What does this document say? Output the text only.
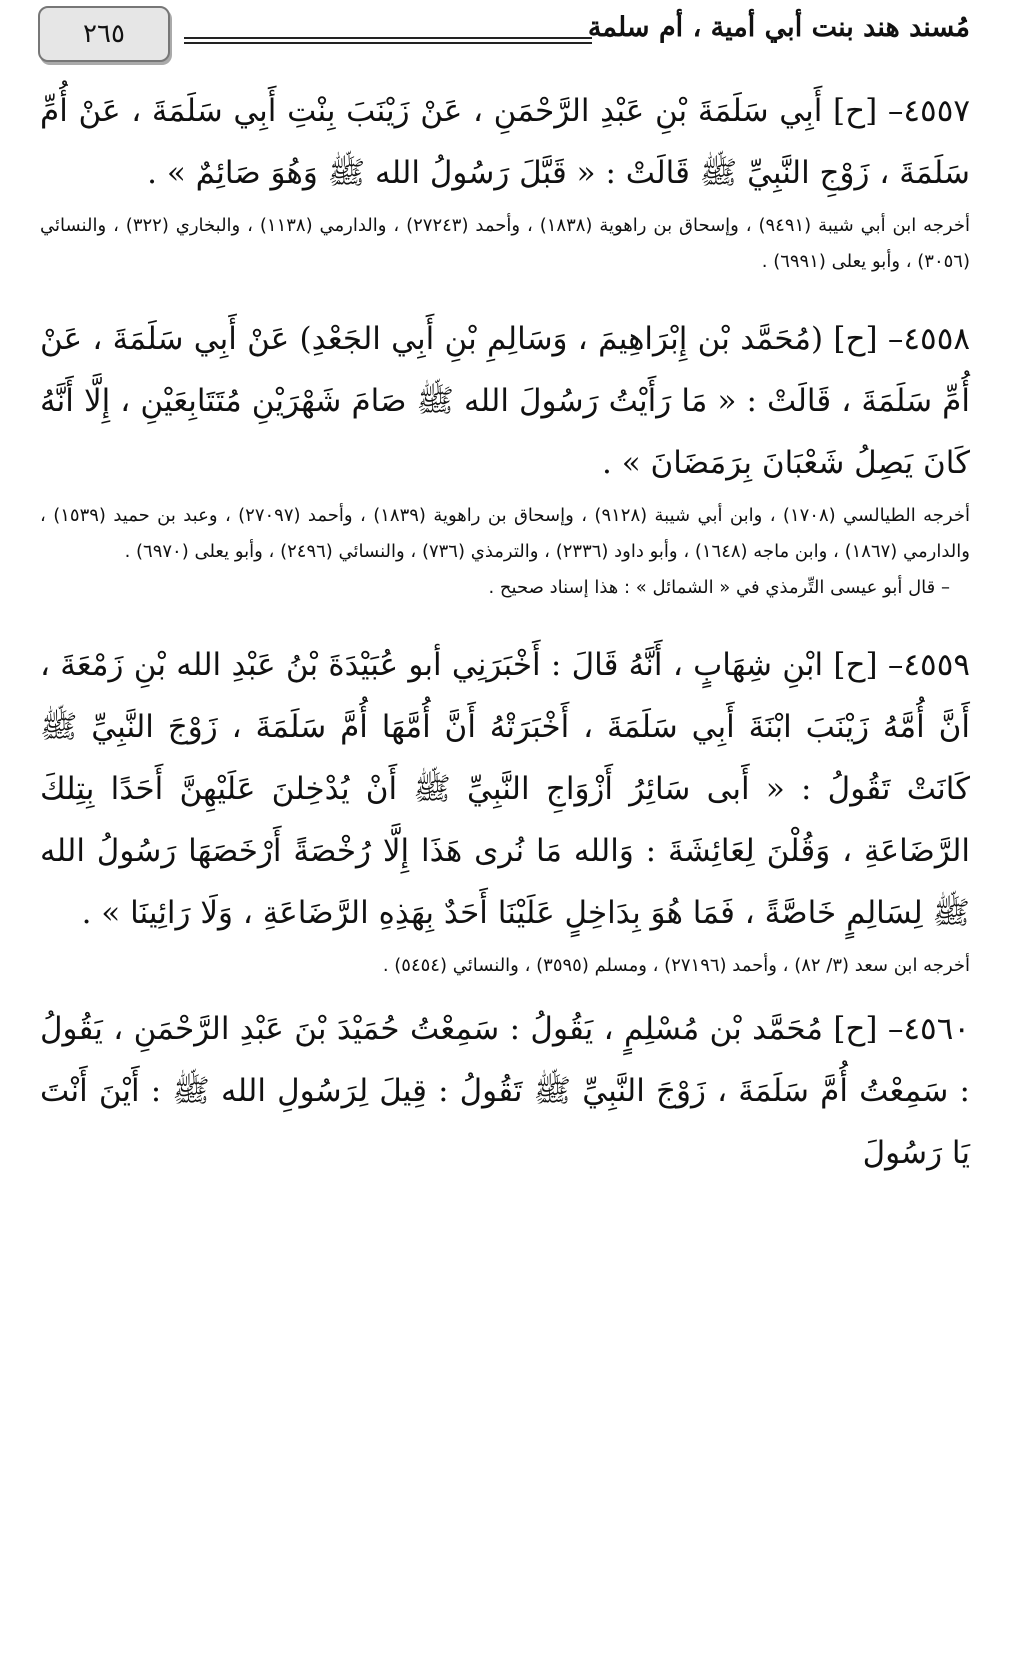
٢٦٥	مُسند هند بنت أبي أمية ، أم سلمة

٤٥٥٧– [ح] أَبِي سَلَمَةَ بْنِ عَبْدِ الرَّحْمَنِ ، عَنْ زَيْنَبَ بِنْتِ أَبِي سَلَمَةَ ، عَنْ أُمِّ سَلَمَةَ ، زَوْجِ النَّبِيِّ ﷺ قَالَتْ : « قَبَّلَ رَسُولُ الله ﷺ وَهُوَ صَائِمٌ » .

أخرجه ابن أبي شيبة (٩٤٩١) ، وإسحاق بن راهوية (١٨٣٨) ، وأحمد (٢٧٢٤٣) ، والدارمي (١١٣٨) ، والبخاري (٣٢٢) ، والنسائي (٣٠٥٦) ، وأبو يعلى (٦٩٩١) .

٤٥٥٨– [ح] (مُحَمَّد بْن إِبْرَاهِيمَ ، وَسَالِمِ بْنِ أَبِي الجَعْدِ) عَنْ أَبِي سَلَمَةَ ، عَنْ أُمِّ سَلَمَةَ ، قَالَتْ : « مَا رَأَيْتُ رَسُولَ الله ﷺ صَامَ شَهْرَيْنِ مُتَتَابِعَيْنِ ، إِلَّا أَنَّهُ كَانَ يَصِلُ شَعْبَانَ بِرَمَضَانَ » .

أخرجه الطيالسي (١٧٠٨) ، وابن أبي شيبة (٩١٢٨) ، وإسحاق بن راهوية (١٨٣٩) ، وأحمد (٢٧٠٩٧) ، وعبد بن حميد (١٥٣٩) ، والدارمي (١٨٦٧) ، وابن ماجه (١٦٤٨) ، وأبو داود (٢٣٣٦) ، والترمذي (٧٣٦) ، والنسائي (٢٤٩٦) ، وأبو يعلى (٦٩٧٠) .

– قال أبو عيسى التِّرمذي في « الشمائل » : هذا إسناد صحيح .

٤٥٥٩– [ح] ابْنِ شِهَابٍ ، أَنَّهُ قَالَ : أَخْبَرَنِي أبو عُبَيْدَةَ بْنُ عَبْدِ الله بْنِ زَمْعَةَ ، أَنَّ أُمَّهُ زَيْنَبَ ابْنَةَ أَبِي سَلَمَةَ ، أَخْبَرَتْهُ أَنَّ أُمَّهَا أُمَّ سَلَمَةَ ، زَوْجَ النَّبِيِّ ﷺ كَانَتْ تَقُولُ : « أَبى سَائِرُ أَزْوَاجِ النَّبِيِّ ﷺ أَنْ يُدْخِلنَ عَلَيْهِنَّ أَحَدًا بِتِلكَ الرَّضَاعَةِ ، وَقُلْنَ لِعَائِشَةَ : وَالله مَا نُرى هَذَا إِلَّا رُخْصَةً أَرْخَصَهَا رَسُولُ الله ﷺ لِسَالِمٍ خَاصَّةً ، فَمَا هُوَ بِدَاخِلٍ عَلَيْنَا أَحَدٌ بِهَذِهِ الرَّضَاعَةِ ، وَلَا رَائِينَا » .

أخرجه ابن سعد (٣/ ٨٢) ، وأحمد (٢٧١٩٦) ، ومسلم (٣٥٩٥) ، والنسائي (٥٤٥٤) .

٤٥٦٠– [ح] مُحَمَّد بْن مُسْلِمٍ ، يَقُولُ : سَمِعْتُ حُمَيْدَ بْنَ عَبْدِ الرَّحْمَنِ ، يَقُولُ : سَمِعْتُ أُمَّ سَلَمَةَ ، زَوْجَ النَّبِيِّ ﷺ تَقُولُ : قِيلَ لِرَسُولِ الله ﷺ : أَيْنَ أَنْتَ يَا رَسُولَ
